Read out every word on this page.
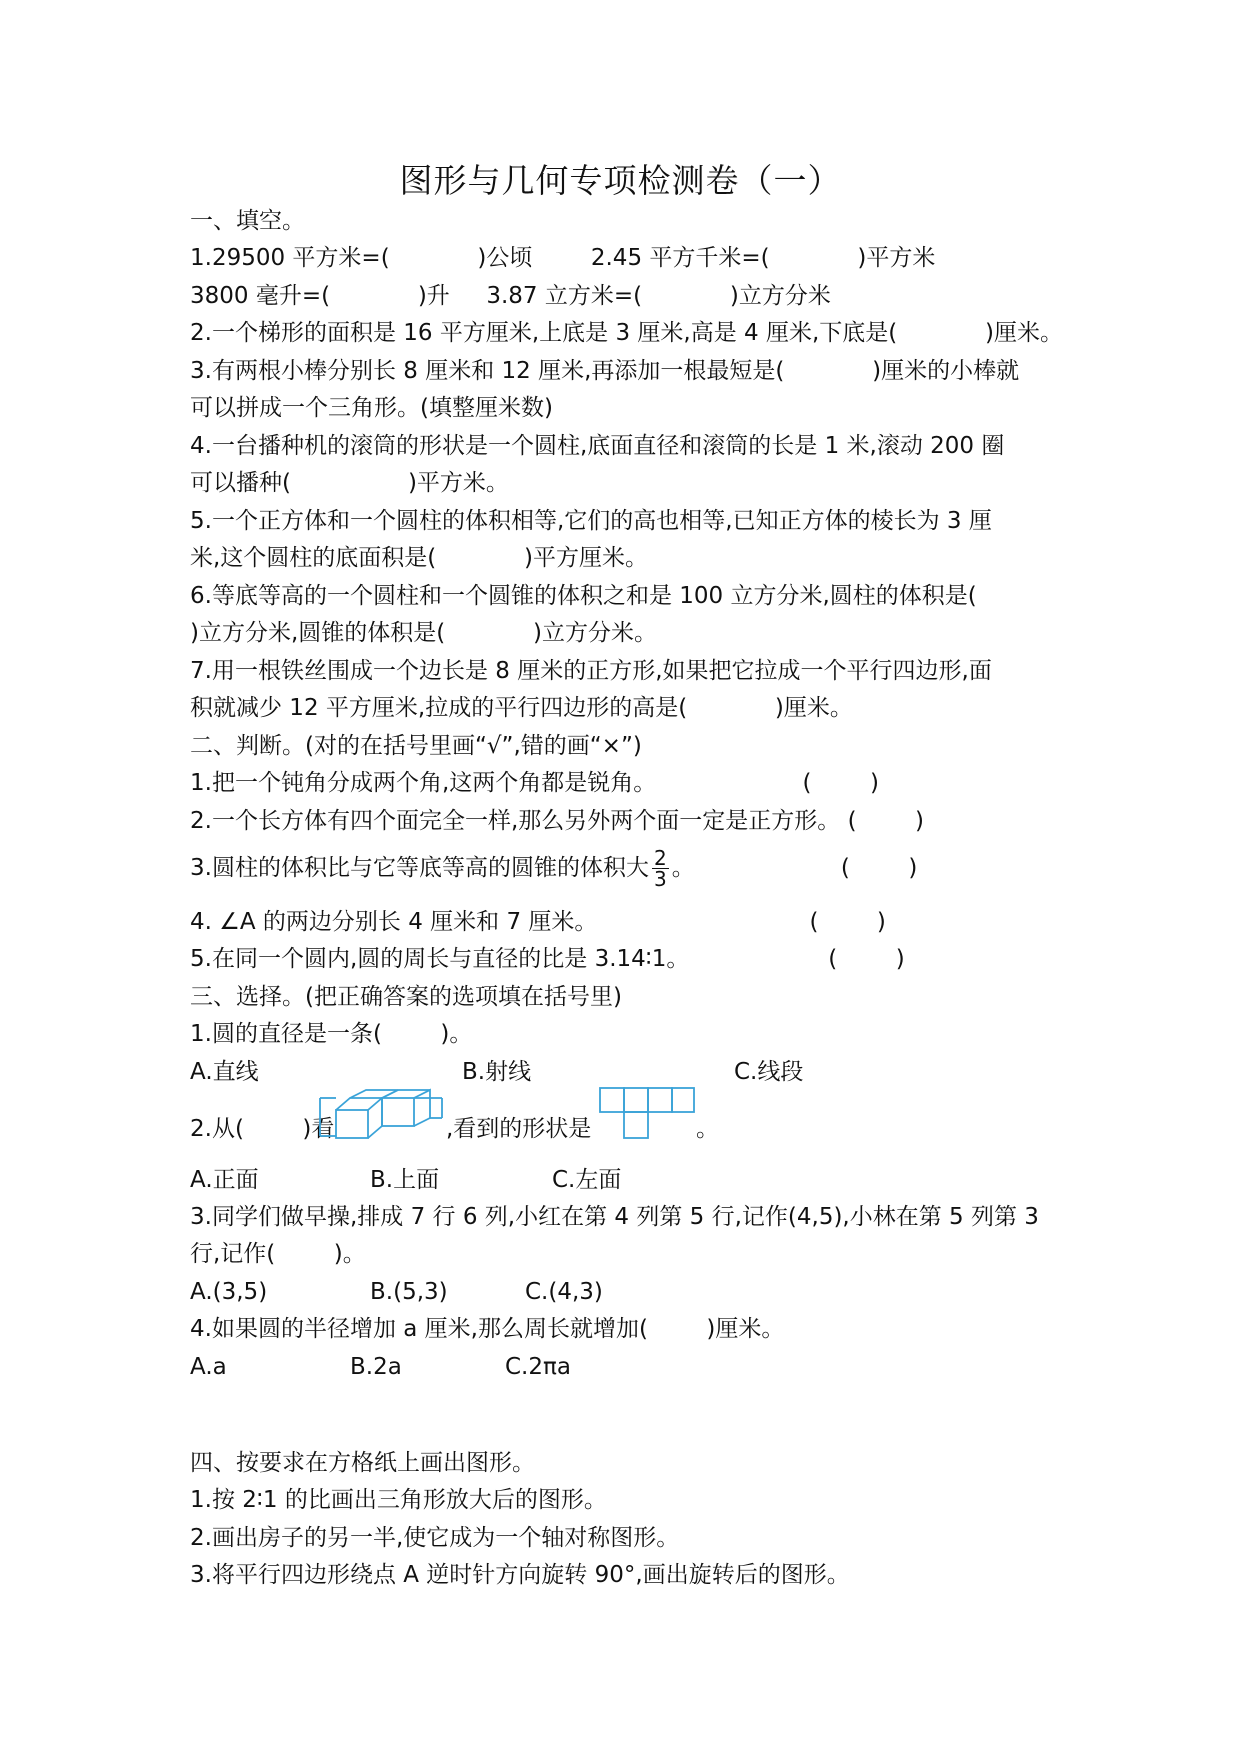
图形与几何专项检测卷（一）
一、填空。
1.29500 平方米=(            )公顷        2.45 平方千米=(            )平方米
3800 毫升=(            )升     3.87 立方米=(            )立方分米
2.一个梯形的面积是 16 平方厘米,上底是 3 厘米,高是 4 厘米,下底是(            )厘米。
3.有两根小棒分别长 8 厘米和 12 厘米,再添加一根最短是(            )厘米的小棒就
可以拼成一个三角形。(填整厘米数)
4.一台播种机的滚筒的形状是一个圆柱,底面直径和滚筒的长是 1 米,滚动 200 圈
可以播种(                )平方米。
5.一个正方体和一个圆柱的体积相等,它们的高也相等,已知正方体的棱长为 3 厘
米,这个圆柱的底面积是(            )平方厘米。
6.等底等高的一个圆柱和一个圆锥的体积之和是 100 立方分米,圆柱的体积是(
)立方分米,圆锥的体积是(            )立方分米。
7.用一根铁丝围成一个边长是 8 厘米的正方形,如果把它拉成一个平行四边形,面
积就减少 12 平方厘米,拉成的平行四边形的高是(            )厘米。
二、判断。(对的在括号里画“√”,错的画“×”)
1.把一个钝角分成两个角,这两个角都是锐角。                    (        )
2.一个长方体有四个面完全一样,那么另外两个面一定是正方形。 (        )
3.圆柱的体积比与它等底等高的圆锥的体积大 $\frac{2}{3}$ 。                    (        )
4. ∠A 的两边分别长 4 厘米和 7 厘米。                             (        )
5.在同一个圆内,圆的周长与直径的比是 3.14∶1。                   (        )
三、选择。(把正确答案的选项填在括号里)
1.圆的直径是一条(        )。
A.直线	B.射线	C.线段
2.从(        )看	,看到的形状是	。
A.正面	B.上面	C.左面
3.同学们做早操,排成 7 行 6 列,小红在第 4 列第 5 行,记作(4,5),小林在第 5 列第 3
行,记作(        )。
A.(3,5)	B.(5,3)	C.(4,3)
4.如果圆的半径增加 a 厘米,那么周长就增加(        )厘米。
A.a	B.2a	C.2πa
四、按要求在方格纸上画出图形。
1.按 2∶1 的比画出三角形放大后的图形。
2.画出房子的另一半,使它成为一个轴对称图形。
3.将平行四边形绕点 A 逆时针方向旋转 90°,画出旋转后的图形。
